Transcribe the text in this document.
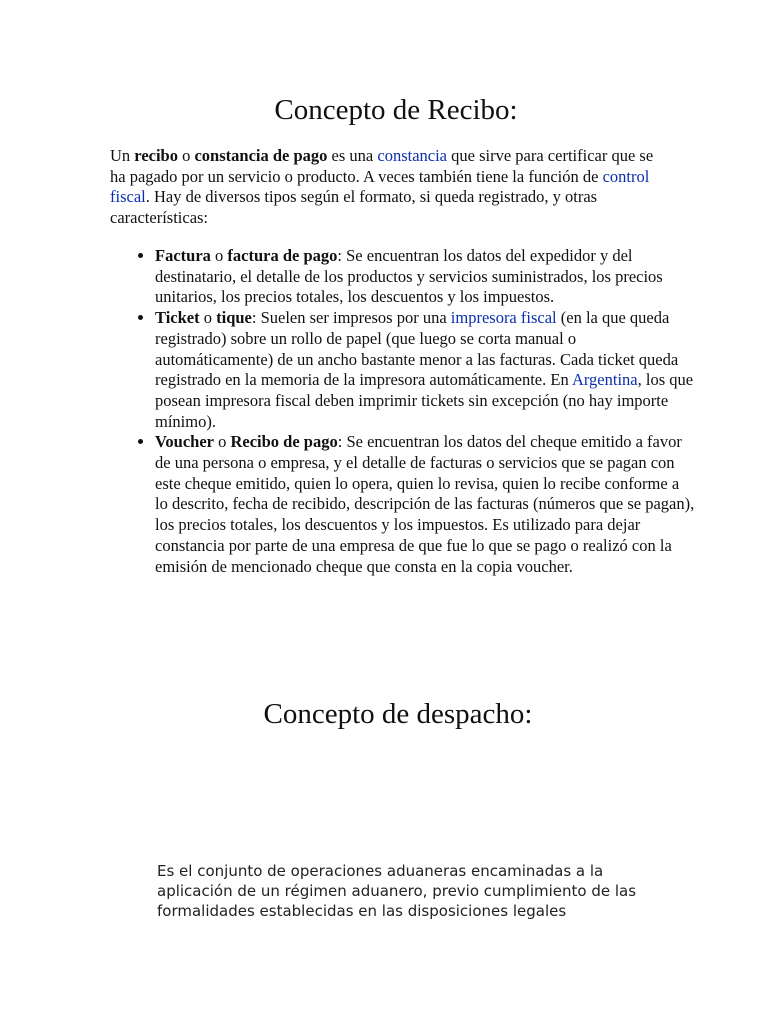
Concepto de Recibo:

Un recibo o constancia de pago es una constancia que sirve para certificar que se ha pagado por un servicio o producto. A veces también tiene la función de control fiscal. Hay de diversos tipos según el formato, si queda registrado, y otras características:

• Factura o factura de pago: Se encuentran los datos del expedidor y del destinatario, el detalle de los productos y servicios suministrados, los precios unitarios, los precios totales, los descuentos y los impuestos.
• Ticket o tique: Suelen ser impresos por una impresora fiscal (en la que queda registrado) sobre un rollo de papel (que luego se corta manual o automáticamente) de un ancho bastante menor a las facturas. Cada ticket queda registrado en la memoria de la impresora automáticamente. En Argentina, los que posean impresora fiscal deben imprimir tickets sin excepción (no hay importe mínimo).
• Voucher o Recibo de pago: Se encuentran los datos del cheque emitido a favor de una persona o empresa, y el detalle de facturas o servicios que se pagan con este cheque emitido, quien lo opera, quien lo revisa, quien lo recibe conforme a lo descrito, fecha de recibido, descripción de las facturas (números que se pagan), los precios totales, los descuentos y los impuestos. Es utilizado para dejar constancia por parte de una empresa de que fue lo que se pago o realizó con la emisión de mencionado cheque que consta en la copia voucher.
Concepto de despacho:

Es el conjunto de operaciones aduaneras encaminadas a la aplicación de un régimen aduanero, previo cumplimiento de las formalidades establecidas en las disposiciones legales
